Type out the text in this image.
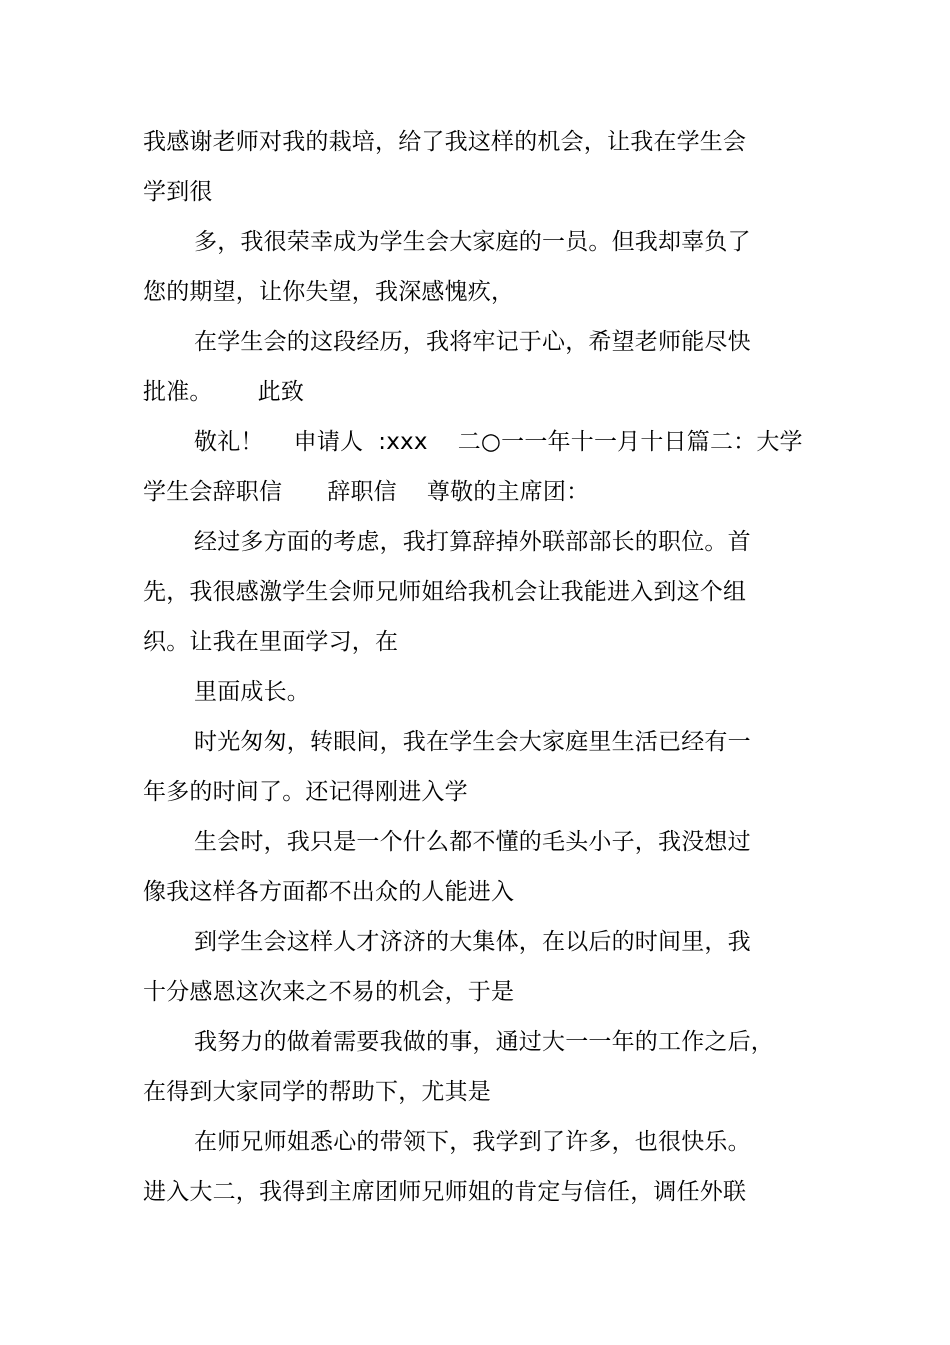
我感谢老师对我的栽培，给了我这样的机会，让我在学生会
学到很
多，我很荣幸成为学生会大家庭的一员。但我却辜负了
您的期望，让你失望，我深感愧疚，
在学生会的这段经历，我将牢记于心，希望老师能尽快
批准。      此致
敬礼！    申请人  :xxx    二○一一年十一月十日篇二：大学
学生会辞职信      辞职信    尊敬的主席团：
经过多方面的考虑，我打算辞掉外联部部长的职位。首
先，我很感激学生会师兄师姐给我机会让我能进入到这个组
织。让我在里面学习，在
里面成长。
时光匆匆，转眼间，我在学生会大家庭里生活已经有一
年多的时间了。还记得刚进入学
生会时，我只是一个什么都不懂的毛头小子，我没想过
像我这样各方面都不出众的人能进入
到学生会这样人才济济的大集体，在以后的时间里，我
十分感恩这次来之不易的机会，于是
我努力的做着需要我做的事，通过大一一年的工作之后，
在得到大家同学的帮助下，尤其是
在师兄师姐悉心的带领下，我学到了许多，也很快乐。
进入大二，我得到主席团师兄师姐的肯定与信任，调任外联
